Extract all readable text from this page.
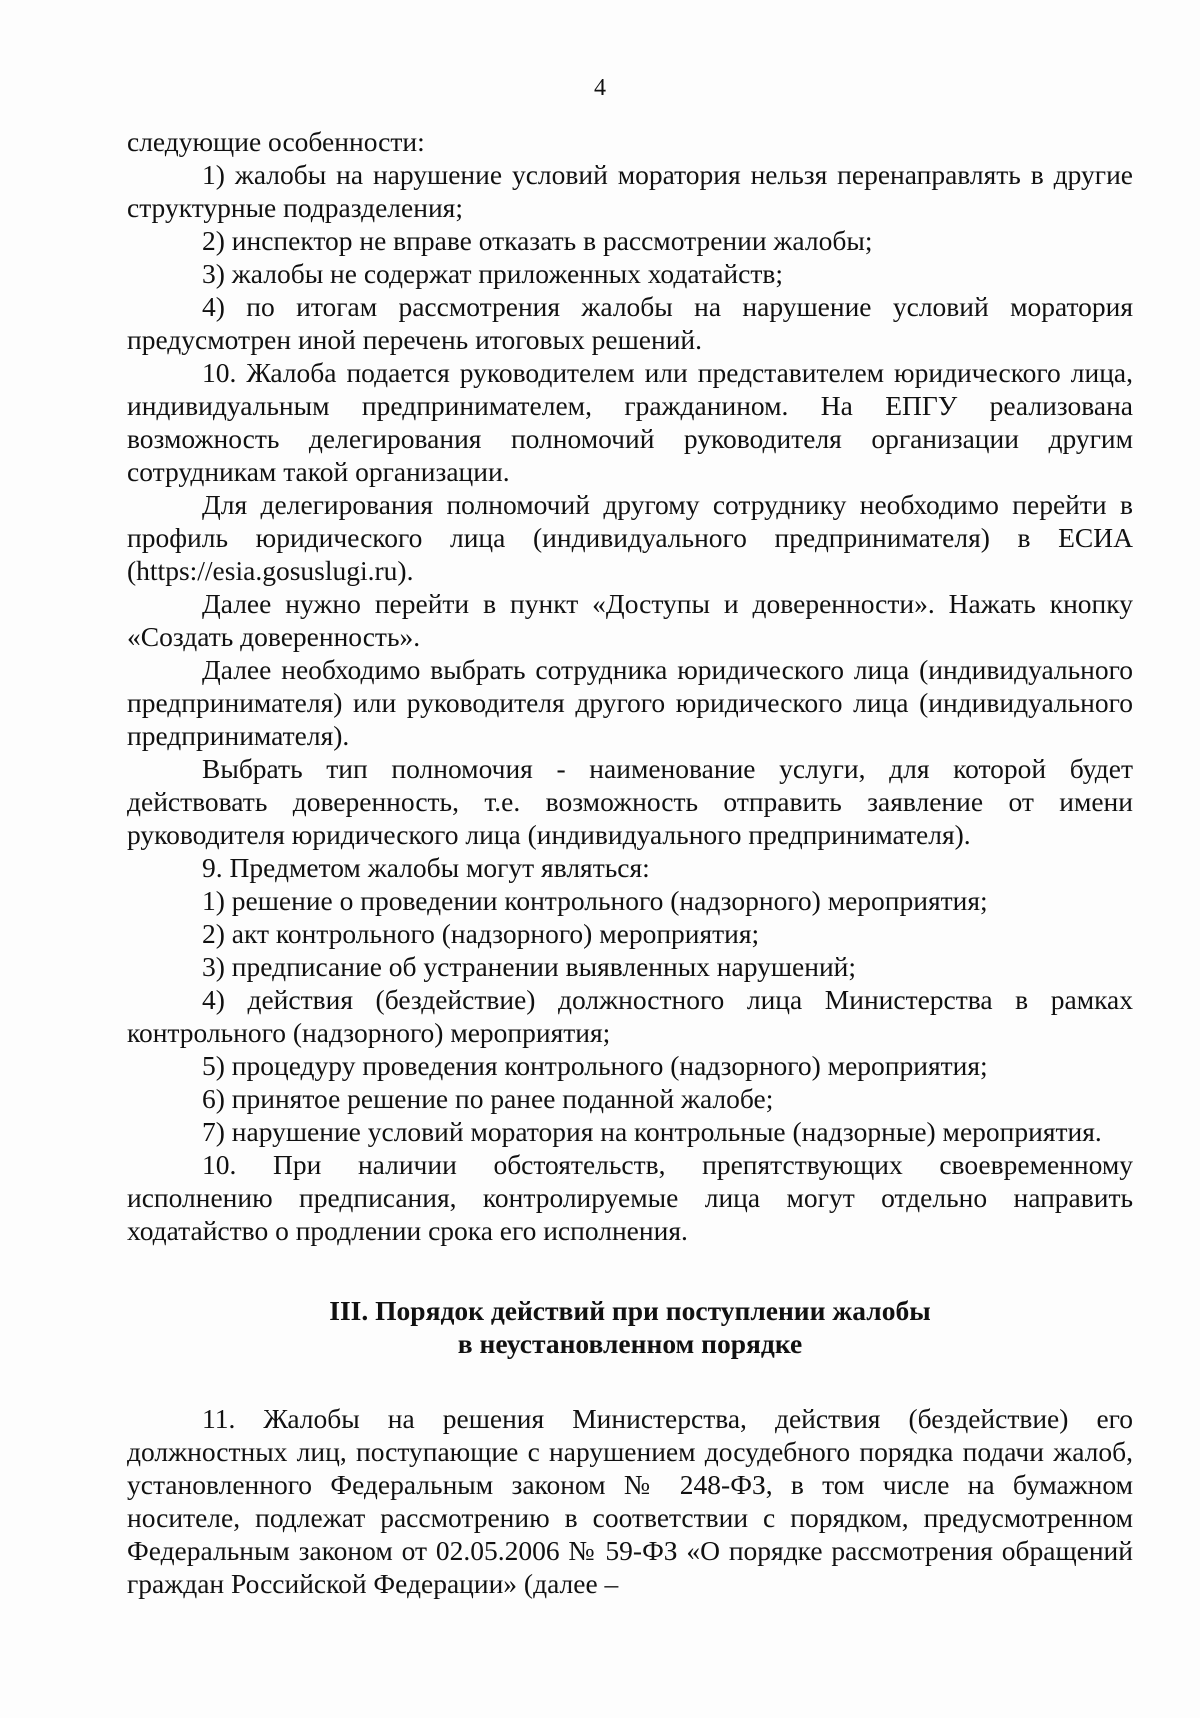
4

следующие особенности:

1) жалобы на нарушение условий моратория нельзя перенаправлять в другие структурные подразделения;

2) инспектор не вправе отказать в рассмотрении жалобы;

3) жалобы не содержат приложенных ходатайств;

4) по итогам рассмотрения жалобы на нарушение условий моратория предусмотрен иной перечень итоговых решений.

10. Жалоба подается руководителем или представителем юридического лица, индивидуальным предпринимателем, гражданином. На ЕПГУ реализована возможность делегирования полномочий руководителя организации другим сотрудникам такой организации.

Для делегирования полномочий другому сотруднику необходимо перейти в профиль юридического лица (индивидуального предпринимателя) в ЕСИА (https://esia.gosuslugi.ru).

Далее нужно перейти в пункт «Доступы и доверенности». Нажать кнопку «Создать доверенность».

Далее необходимо выбрать сотрудника юридического лица (индивидуального предпринимателя) или руководителя другого юридического лица (индивидуального предпринимателя).

Выбрать тип полномочия - наименование услуги, для которой будет действовать доверенность, т.е. возможность отправить заявление от имени руководителя юридического лица (индивидуального предпринимателя).

9. Предметом жалобы могут являться:

1) решение о проведении контрольного (надзорного) мероприятия;

2) акт контрольного (надзорного) мероприятия;

3) предписание об устранении выявленных нарушений;

4) действия (бездействие) должностного лица Министерства в рамках контрольного (надзорного) мероприятия;

5) процедуру проведения контрольного (надзорного) мероприятия;

6) принятое решение по ранее поданной жалобе;

7) нарушение условий моратория на контрольные (надзорные) мероприятия.

10. При наличии обстоятельств, препятствующих своевременному исполнению предписания, контролируемые лица могут отдельно направить ходатайство о продлении срока его исполнения.

III. Порядок действий при поступлении жалобы
в неустановленном порядке

11. Жалобы на решения Министерства, действия (бездействие) его должностных лиц, поступающие с нарушением досудебного порядка подачи жалоб, установленного Федеральным законом № 248-ФЗ, в том числе на бумажном носителе, подлежат рассмотрению в соответствии с порядком, предусмотренном Федеральным законом от 02.05.2006 № 59-ФЗ «О порядке рассмотрения обращений граждан Российской Федерации» (далее –
